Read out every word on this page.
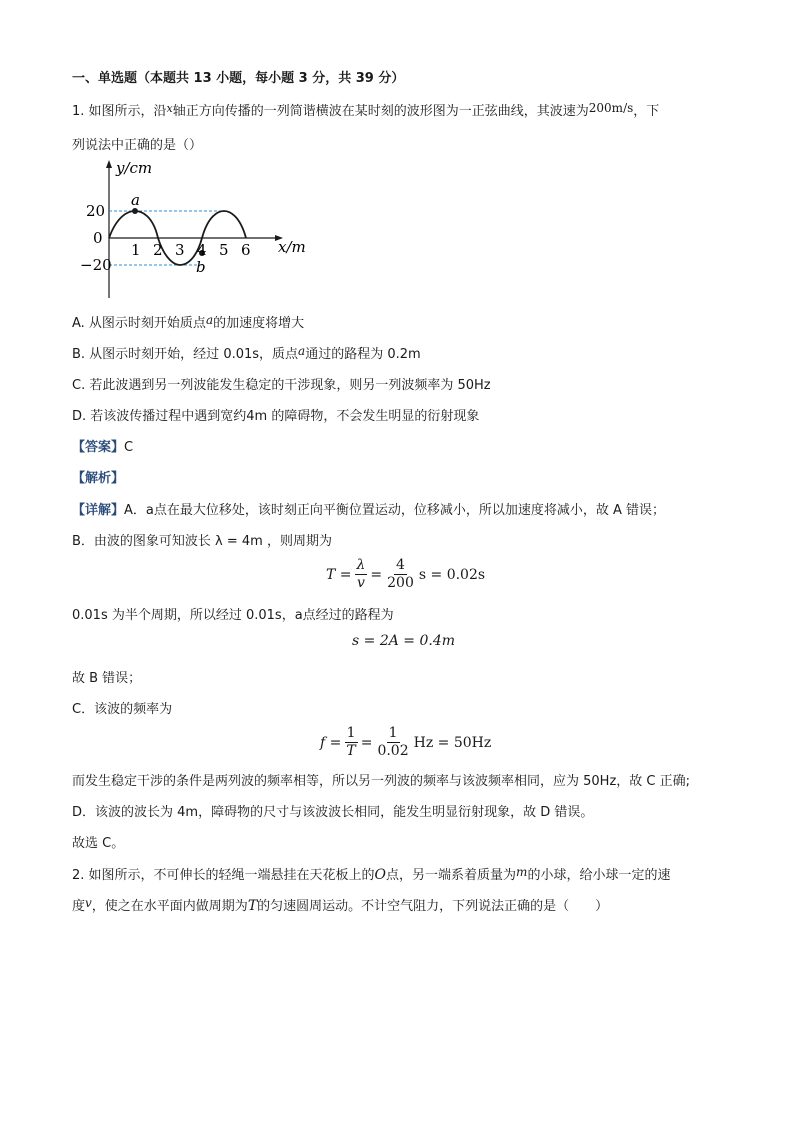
一、单选题（本题共 13 小题，每小题 3 分，共 39 分）
1. 如图所示，沿$^x$轴正方向传播的一列简谐横波在某时刻的波形图为一正弦曲线，其波速为200m/s，下
列说法中正确的是（）
y/cm
x/m
20
0
−20
1 2 3 4 5 6
a
b
A. 从图示时刻开始质点a的加速度将增大
B. 从图示时刻开始，经过 0.01s，质点a通过的路程为 0.2m
C. 若此波遇到另一列波能发生稳定的干涉现象，则另一列波频率为 50Hz
D. 若该波传播过程中遇到宽约4m 的障碍物，不会发生明显的衍射现象
【答案】C
【解析】
【详解】A．a点在最大位移处，该时刻正向平衡位置运动，位移减小，所以加速度将减小，故 A 错误；
B．由波的图象可知波长 λ = 4m ，则周期为
$T = \frac{\lambda}{v} = \frac{4}{200}$ s = 0.02s
0.01s 为半个周期，所以经过 0.01s，a点经过的路程为
s = 2A = 0.4m
故 B 错误；
C．该波的频率为
$f = \frac{1}{T} = \frac{1}{0.02}$ Hz = 50Hz
而发生稳定干涉的条件是两列波的频率相等，所以另一列波的频率与该波频率相同，应为 50Hz，故 C 正确;
D．该波的波长为 4m，障碍物的尺寸与该波波长相同，能发生明显衍射现象，故 D 错误。
故选 C。
2. 如图所示，不可伸长的轻绳一端悬挂在天花板上的O点，另一端系着质量为m的小球，给小球一定的速
度v，使之在水平面内做周期为T的匀速圆周运动。不计空气阻力，下列说法正确的是（　　）
